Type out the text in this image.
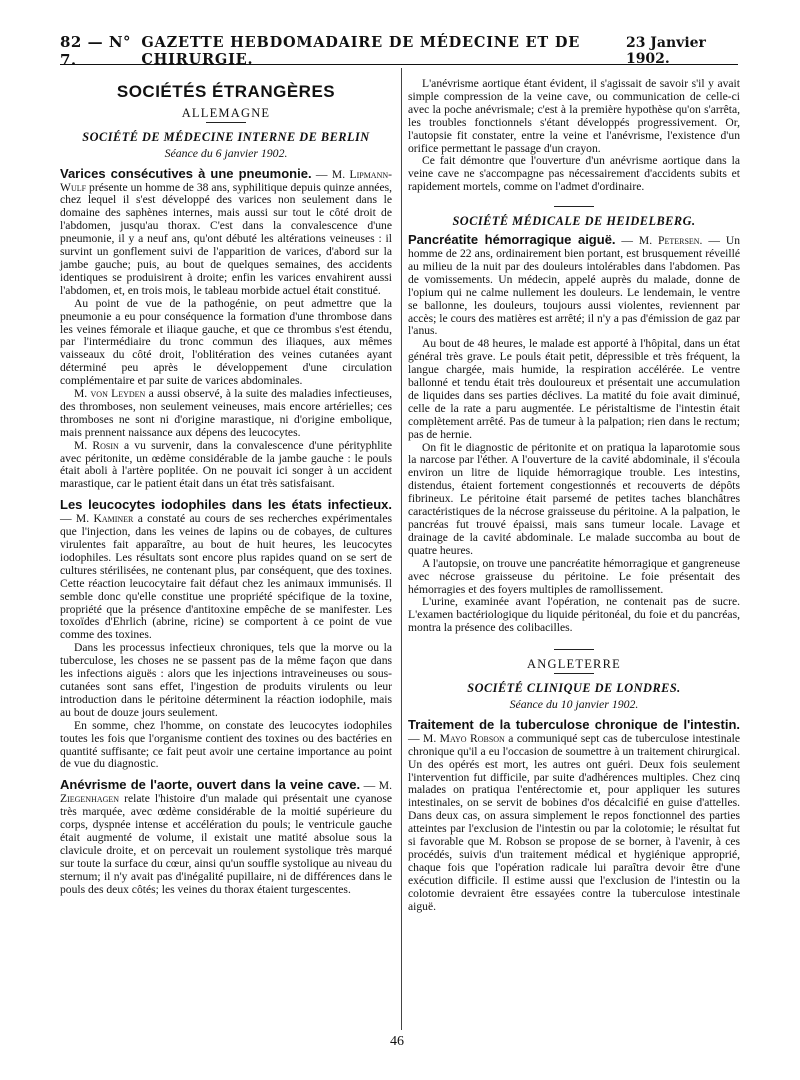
82 — N° 7.
GAZETTE HEBDOMADAIRE DE MÉDECINE ET DE CHIRURGIE.
23 Janvier 1902.
SOCIÉTÉS ÉTRANGÈRES
ALLEMAGNE
SOCIÉTÉ DE MÉDECINE INTERNE DE BERLIN
Séance du 6 janvier 1902.

Varices consécutives à une pneumonie. — M. Lipmann-Wulf présente un homme de 38 ans, syphilitique depuis quinze années, chez lequel il s'est développé des varices non seulement dans le domaine des saphènes internes, mais aussi sur tout le côté droit de l'abdomen, jusqu'au thorax. C'est dans la convalescence d'une pneumonie, il y a neuf ans, qu'ont débuté les altérations veineuses : il survint un gonflement suivi de l'apparition de varices, d'abord sur la jambe gauche; puis, au bout de quelques semaines, des accidents identiques se produisirent à droite; enfin les varices envahirent aussi l'abdomen, et, en trois mois, le tableau morbide actuel était constitué.

Au point de vue de la pathogénie, on peut admettre que la pneumonie a eu pour conséquence la formation d'une thrombose dans les veines fémorale et iliaque gauche, et que ce thrombus s'est étendu, par l'intermédiaire du tronc commun des iliaques, aux mêmes vaisseaux du côté droit, l'oblitération des veines cutanées ayant déterminé peu après le développement d'une circulation complémentaire et par suite de varices abdominales.

M. von Leyden a aussi observé, à la suite des maladies infectieuses, des thromboses, non seulement veineuses, mais encore artérielles; ces thromboses ne sont ni d'origine marastique, ni d'origine embolique, mais prennent naissance aux dépens des leucocytes.

M. Rosin a vu survenir, dans la convalescence d'une pérityphlite avec péritonite, un œdème considérable de la jambe gauche : le pouls était aboli à l'artère poplitée. On ne pouvait ici songer à un accident marastique, car le patient était dans un état très satisfaisant.

Les leucocytes iodophiles dans les états infectieux. — M. Kaminer a constaté au cours de ses recherches expérimentales que l'injection, dans les veines de lapins ou de cobayes, de cultures virulentes fait apparaître, au bout de huit heures, les leucocytes iodophiles. Les résultats sont encore plus rapides quand on se sert de cultures stérilisées, ne contenant plus, par conséquent, que des toxines. Cette réaction leucocytaire fait défaut chez les animaux immunisés. Il semble donc qu'elle constitue une propriété spécifique de la toxine, propriété que la présence d'antitoxine empêche de se manifester. Les toxoïdes d'Ehrlich (abrine, ricine) se comportent à ce point de vue comme des toxines.

Dans les processus infectieux chroniques, tels que la morve ou la tuberculose, les choses ne se passent pas de la même façon que dans les infections aiguës : alors que les injections intraveineuses ou sous-cutanées sont sans effet, l'ingestion de produits virulents ou leur introduction dans le péritoine déterminent la réaction iodophile, mais au bout de douze jours seulement.

En somme, chez l'homme, on constate des leucocytes iodophiles toutes les fois que l'organisme contient des toxines ou des bactéries en quantité suffisante; ce fait peut avoir une certaine importance au point de vue du diagnostic.

Anévrisme de l'aorte, ouvert dans la veine cave. — M. Ziegenhagen relate l'histoire d'un malade qui présentait une cyanose très marquée, avec œdème considérable de la moitié supérieure du corps, dyspnée intense et accélération du pouls; le ventricule gauche était augmenté de volume, il existait une matité absolue sous la clavicule droite, et on percevait un roulement systolique très marqué sur toute la surface du cœur, ainsi qu'un souffle systolique au niveau du sternum; il n'y avait pas d'inégalité pupillaire, ni de différences dans le pouls des deux côtés; les veines du thorax étaient turgescentes.

L'anévrisme aortique étant évident, il s'agissait de savoir s'il y avait simple compression de la veine cave, ou communication de celle-ci avec la poche anévrismale; c'est à la première hypothèse qu'on s'arrêta, les troubles fonctionnels s'étant développés progressivement. Or, l'autopsie fit constater, entre la veine et l'anévrisme, l'existence d'un orifice permettant le passage d'un crayon.

Ce fait démontre que l'ouverture d'un anévrisme aortique dans la veine cave ne s'accompagne pas nécessairement d'accidents subits et rapidement mortels, comme on l'admet d'ordinaire.

SOCIÉTÉ MÉDICALE DE HEIDELBERG.

Pancréatite hémorragique aiguë. — M. Petersen. — Un homme de 22 ans, ordinairement bien portant, est brusquement réveillé au milieu de la nuit par des douleurs intolérables dans l'abdomen. Pas de vomissements. Un médecin, appelé auprès du malade, donne de l'opium qui ne calme nullement les douleurs. Le lendemain, le ventre se ballonne, les douleurs, toujours aussi violentes, reviennent par accès; le cours des matières est arrêté; il n'y a pas d'émission de gaz par l'anus.

Au bout de 48 heures, le malade est apporté à l'hôpital, dans un état général très grave. Le pouls était petit, dépressible et très fréquent, la langue chargée, mais humide, la respiration accélérée. Le ventre ballonné et tendu était très douloureux et présentait une accumulation de liquides dans ses parties déclives. La matité du foie avait diminué, celle de la rate a paru augmentée. Le péristaltisme de l'intestin était complètement arrêté. Pas de tumeur à la palpation; rien dans le rectum; pas de hernie.

On fit le diagnostic de péritonite et on pratiqua la laparotomie sous la narcose par l'éther. A l'ouverture de la cavité abdominale, il s'écoula environ un litre de liquide hémorragique trouble. Les intestins, distendus, étaient fortement congestionnés et recouverts de dépôts fibrineux. Le péritoine était parsemé de petites taches blanchâtres caractéristiques de la nécrose graisseuse du péritoine. A la palpation, le pancréas fut trouvé épaissi, mais sans tumeur locale. Lavage et drainage de la cavité abdominale. Le malade succomba au bout de quatre heures.

A l'autopsie, on trouve une pancréatite hémorragique et gangreneuse avec nécrose graisseuse du péritoine. Le foie présentait des hémorragies et des foyers multiples de ramollissement.

L'urine, examinée avant l'opération, ne contenait pas de sucre. L'examen bactériologique du liquide péritonéal, du foie et du pancréas, montra la présence des colibacilles.

ANGLETERRE
SOCIÉTÉ CLINIQUE DE LONDRES.
Séance du 10 janvier 1902.

Traitement de la tuberculose chronique de l'intestin. — M. Mayo Robson a communiqué sept cas de tuberculose intestinale chronique qu'il a eu l'occasion de soumettre à un traitement chirurgical. Un des opérés est mort, les autres ont guéri. Deux fois seulement l'intervention fut difficile, par suite d'adhérences multiples. Chez cinq malades on pratiqua l'entérectomie et, pour appliquer les sutures intestinales, on se servit de bobines d'os décalcifié en guise d'attelles. Dans deux cas, on assura simplement le repos fonctionnel des parties atteintes par l'exclusion de l'intestin ou par la colotomie; le résultat fut si favorable que M. Robson se propose de se borner, à l'avenir, à ces procédés, suivis d'un traitement médical et hygiénique approprié, chaque fois que l'opération radicale lui paraîtra devoir être d'une exécution difficile. Il estime aussi que l'exclusion de l'intestin ou la colotomie devraient être essayées contre la tuberculose intestinale aiguë.

46
